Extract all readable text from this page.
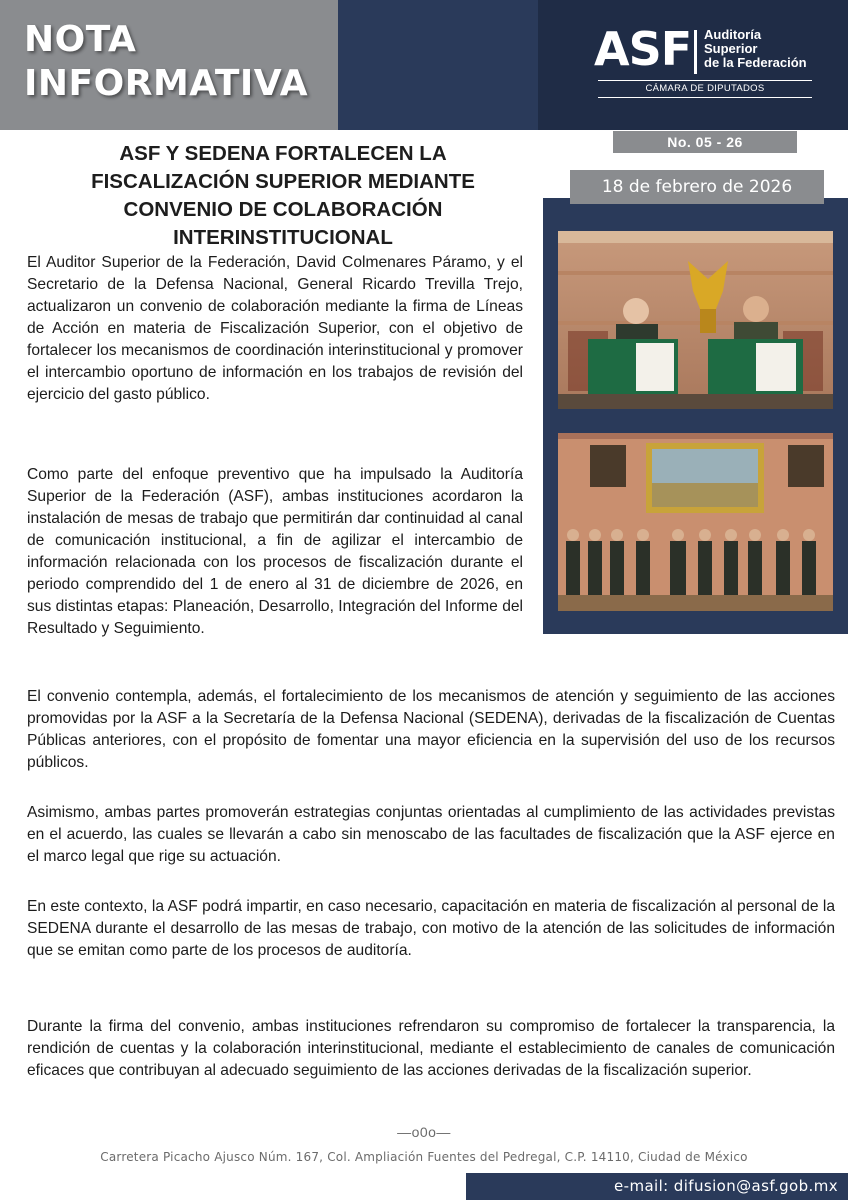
NOTA
INFORMATIVA
ASF Auditoría
Superior
de la Federación
CÁMARA DE DIPUTADOS
No. 05 - 26
18 de febrero de 2026
ASF Y SEDENA FORTALECEN LA FISCALIZACIÓN SUPERIOR MEDIANTE CONVENIO DE COLABORACIÓN INTERINSTITUCIONAL
El Auditor Superior de la Federación, David Colmenares Páramo, y el Secretario de la Defensa Nacional, General Ricardo Trevilla Trejo, actualizaron un convenio de colaboración mediante la firma de Líneas de Acción en materia de Fiscalización Superior, con el objetivo de fortalecer los mecanismos de coordinación interinstitucional y promover el intercambio oportuno de información en los trabajos de revisión del ejercicio del gasto público.
Como parte del enfoque preventivo que ha impulsado la Auditoría Superior de la Federación (ASF), ambas instituciones acordaron la instalación de mesas de trabajo que permitirán dar continuidad al canal de comunicación institucional, a fin de agilizar el intercambio de información relacionada con los procesos de fiscalización durante el periodo comprendido del 1 de enero al 31 de diciembre de 2026, en sus distintas etapas: Planeación, Desarrollo, Integración del Informe del Resultado y Seguimiento.
El convenio contempla, además, el fortalecimiento de los mecanismos de atención y seguimiento de las acciones promovidas por la ASF a la Secretaría de la Defensa Nacional (SEDENA), derivadas de la fiscalización de Cuentas Públicas anteriores, con el propósito de fomentar una mayor eficiencia en la supervisión del uso de los recursos públicos.
Asimismo, ambas partes promoverán estrategias conjuntas orientadas al cumplimiento de las actividades previstas en el acuerdo, las cuales se llevarán a cabo sin menoscabo de las facultades de fiscalización que la ASF ejerce en el marco legal que rige su actuación.
En este contexto, la ASF podrá impartir, en caso necesario, capacitación en materia de fiscalización al personal de la SEDENA durante el desarrollo de las mesas de trabajo, con motivo de la atención de las solicitudes de información que se emitan como parte de los procesos de auditoría.
Durante la firma del convenio, ambas instituciones refrendaron su compromiso de fortalecer la transparencia, la rendición de cuentas y la colaboración interinstitucional, mediante el establecimiento de canales de comunicación eficaces que contribuyan al adecuado seguimiento de las acciones derivadas de la fiscalización superior.
—o0o—
Carretera Picacho Ajusco Núm. 167, Col. Ampliación Fuentes del Pedregal, C.P. 14110, Ciudad de México
e-mail: difusion@asf.gob.mx
